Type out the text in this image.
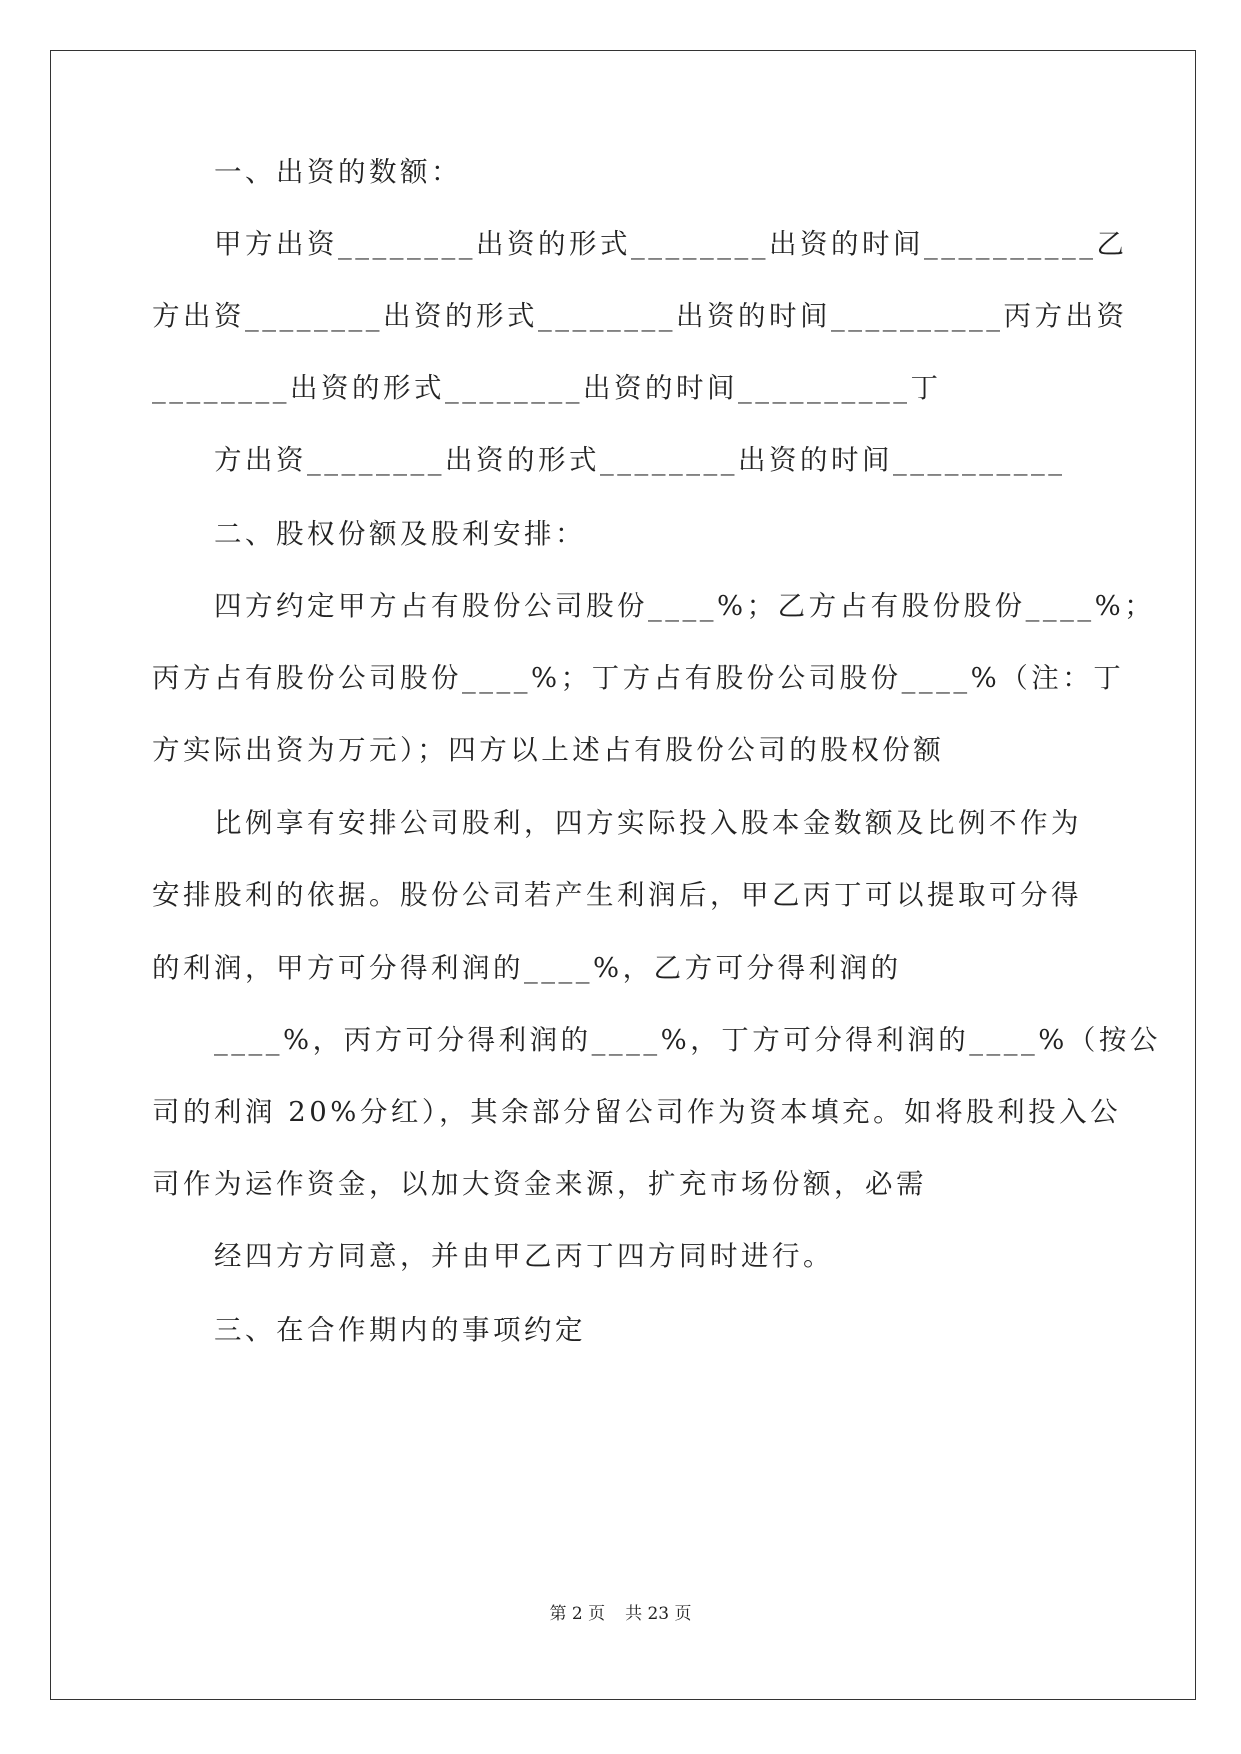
一、出资的数额：
甲方出资________出资的形式________出资的时间__________乙
方出资________出资的形式________出资的时间__________丙方出资
________出资的形式________出资的时间__________丁
方出资________出资的形式________出资的时间__________
二、股权份额及股利安排：
四方约定甲方占有股份公司股份____%；乙方占有股份股份____%；
丙方占有股份公司股份____%；丁方占有股份公司股份____%（注：丁
方实际出资为万元）；四方以上述占有股份公司的股权份额
比例享有安排公司股利，四方实际投入股本金数额及比例不作为
安排股利的依据。股份公司若产生利润后，甲乙丙丁可以提取可分得
的利润，甲方可分得利润的____%，乙方可分得利润的
____%，丙方可分得利润的____%，丁方可分得利润的____%（按公
司的利润 20%分红），其余部分留公司作为资本填充。如将股利投入公
司作为运作资金，以加大资金来源，扩充市场份额，必需
经四方方同意，并由甲乙丙丁四方同时进行。
三、在合作期内的事项约定
第 2 页 共 23 页
